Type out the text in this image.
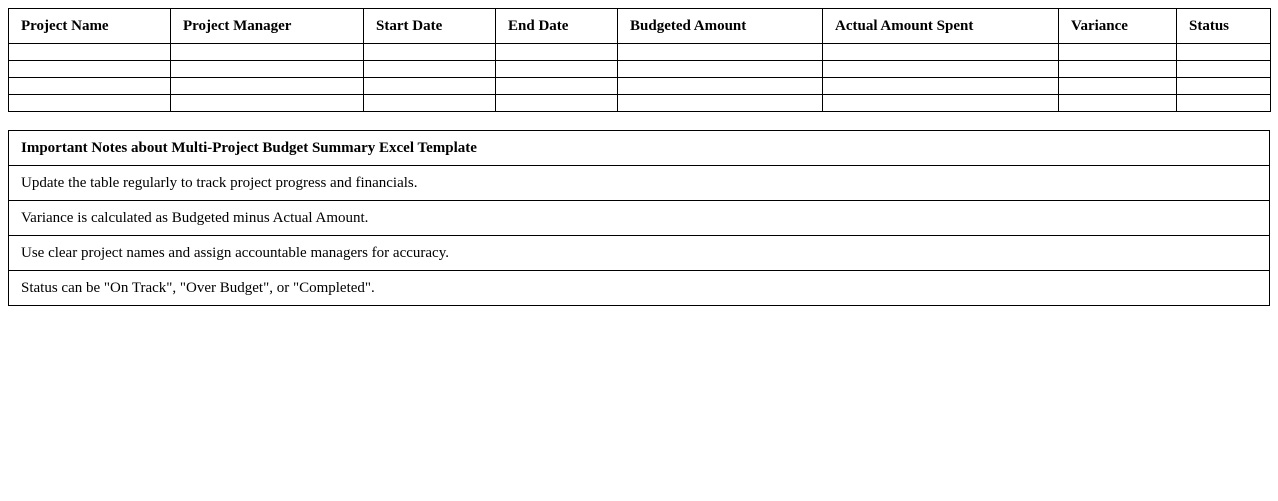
Project Name	Project Manager	Start Date	End Date	Budgeted Amount	Actual Amount Spent	Variance	Status

Important Notes about Multi-Project Budget Summary Excel Template
Update the table regularly to track project progress and financials.
Variance is calculated as Budgeted minus Actual Amount.
Use clear project names and assign accountable managers for accuracy.
Status can be "On Track", "Over Budget", or "Completed".
